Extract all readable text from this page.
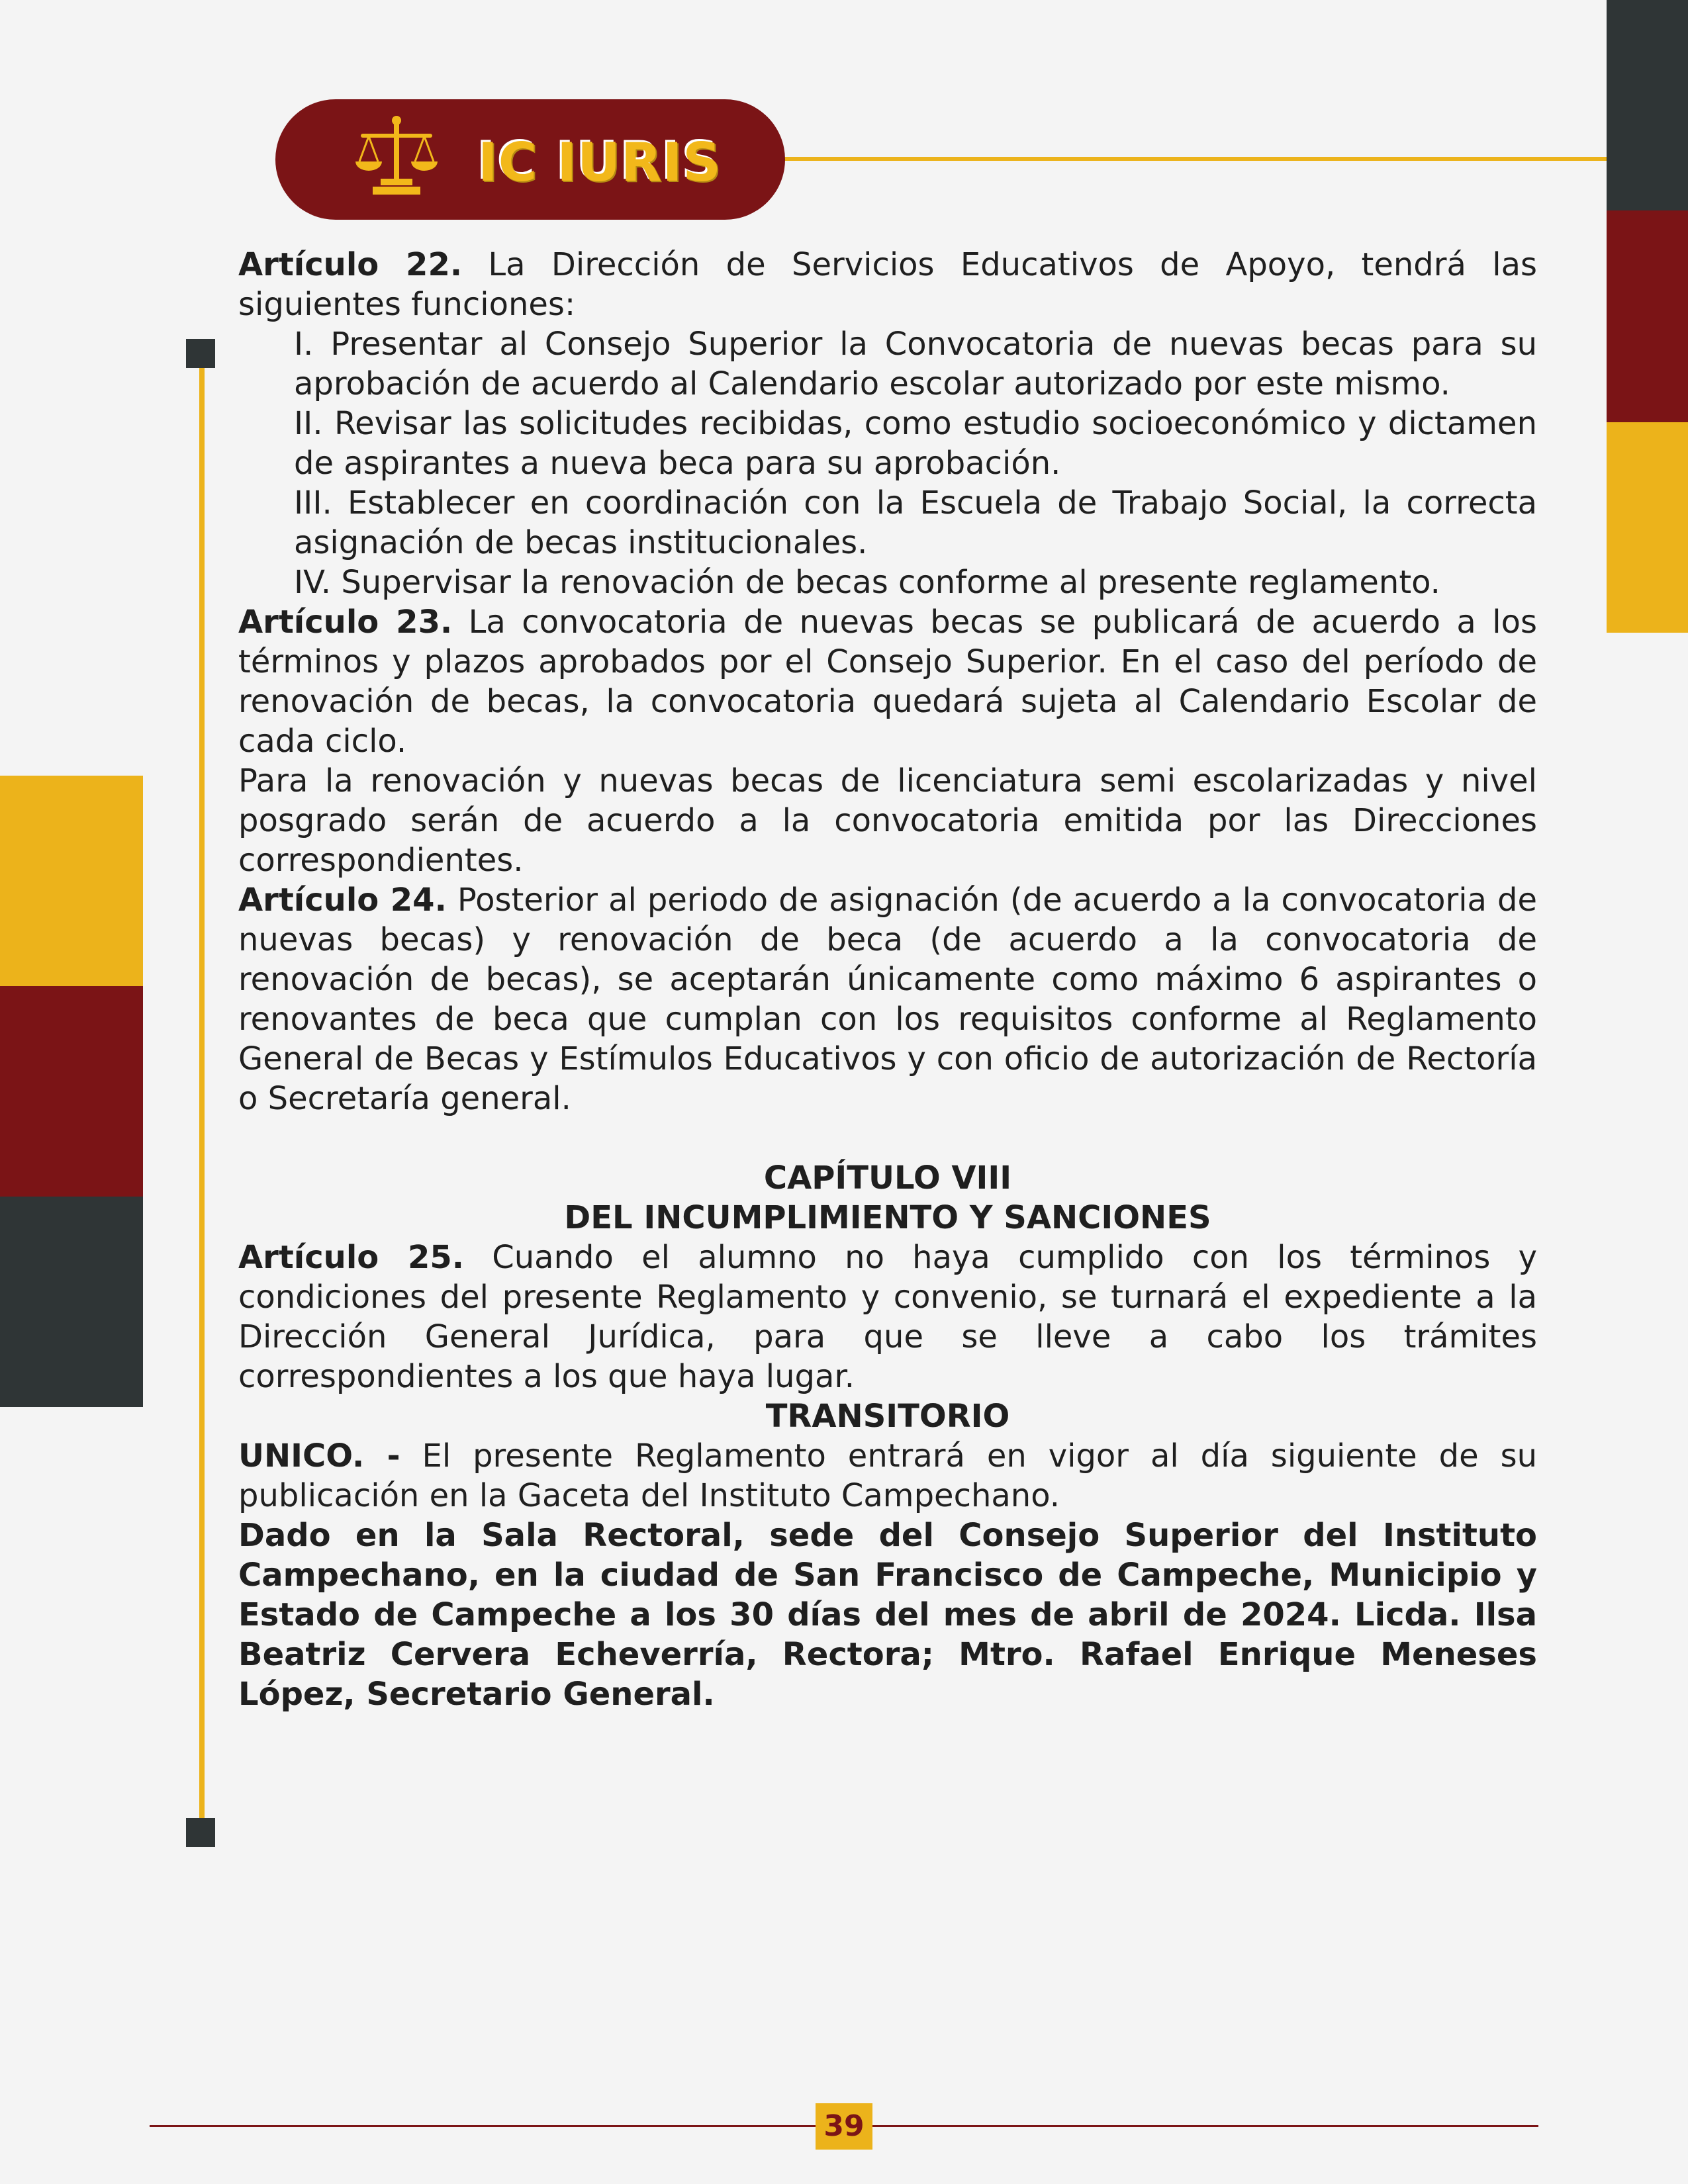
IC IURIS

Artículo 22. La Dirección de Servicios Educativos de Apoyo, tendrá las siguientes funciones:

I. Presentar al Consejo Superior la Convocatoria de nuevas becas para su aprobación de acuerdo al Calendario escolar autorizado por este mismo.

II. Revisar las solicitudes recibidas, como estudio socioeconómico y dictamen de aspirantes a nueva beca para su aprobación.

III. Establecer en coordinación con la Escuela de Trabajo Social, la correcta asignación de becas institucionales.

IV. Supervisar la renovación de becas conforme al presente reglamento.

Artículo 23. La convocatoria de nuevas becas se publicará de acuerdo a los términos y plazos aprobados por el Consejo Superior. En el caso del período de renovación de becas, la convocatoria quedará sujeta al Calendario Escolar de cada ciclo.

Para la renovación y nuevas becas de licenciatura semi escolarizadas y nivel posgrado serán de acuerdo a la convocatoria emitida por las Direcciones correspondientes.

Artículo 24. Posterior al periodo de asignación (de acuerdo a la convocatoria de nuevas becas) y renovación de beca (de acuerdo a la convocatoria de renovación de becas), se aceptarán únicamente como máximo 6 aspirantes o renovantes de beca que cumplan con los requisitos conforme al Reglamento General de Becas y Estímulos Educativos y con oficio de autorización de Rectoría o Secretaría general.

CAPÍTULO VIII

DEL INCUMPLIMIENTO Y SANCIONES

Artículo 25. Cuando el alumno no haya cumplido con los términos y condiciones del presente Reglamento y convenio, se turnará el expediente a la Dirección General Jurídica, para que se lleve a cabo los trámites correspondientes a los que haya lugar.

TRANSITORIO

UNICO. - El presente Reglamento entrará en vigor al día siguiente de su publicación en la Gaceta del Instituto Campechano.

Dado en la Sala Rectoral, sede del Consejo Superior del Instituto Campechano, en la ciudad de San Francisco de Campeche, Municipio y Estado de Campeche a los 30 días del mes de abril de 2024. Licda. Ilsa Beatriz Cervera Echeverría, Rectora; Mtro. Rafael Enrique Meneses López, Secretario General.

39
